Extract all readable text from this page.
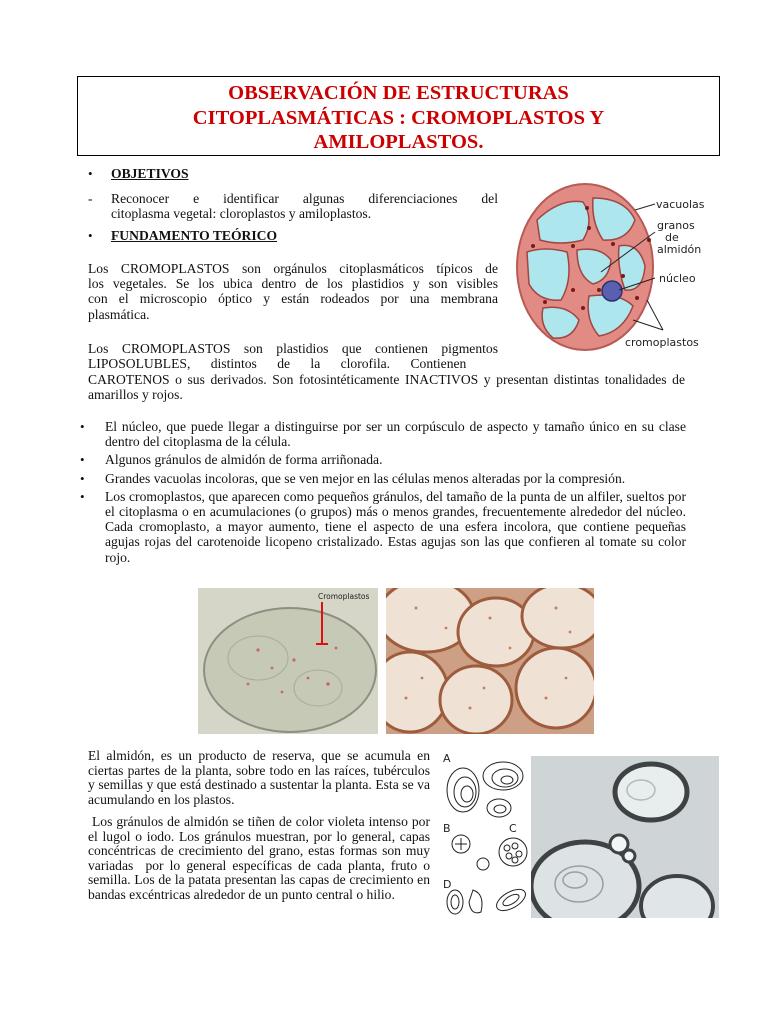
OBSERVACIÓN DE ESTRUCTURAS
CITOPLASMÁTICAS : CROMOPLASTOS Y
AMILOPLASTOS.
• OBJETIVOS
- Reconocer e identificar algunas diferenciaciones del
citoplasma vegetal: cloroplastos y amiloplastos.
• FUNDAMENTO TEÓRICO
Los CROMOPLASTOS son orgánulos citoplasmáticos típicos de
los vegetales. Se los ubica dentro de los plastidios y son visibles
con el microscopio óptico y están rodeados por una membrana
plasmática.
Los CROMOPLASTOS son plastidios que contienen pigmentos
LIPOSOLUBLES,      distintos      de      la      clorofila.      Contienen
CAROTENOS o sus derivados. Son fotosintéticamente INACTIVOS y presentan distintas tonalidades de amarillos y rojos.
vacuolas
granos
de
almidón
núcleo
cromoplastos
• El núcleo, que puede llegar a distinguirse por ser un corpúsculo de aspecto y tamaño único en su clase dentro del citoplasma de la célula.
• Algunos gránulos de almidón de forma arriñonada.
• Grandes vacuolas incoloras, que se ven mejor en las células menos alteradas por la compresión.
• Los cromoplastos, que aparecen como pequeños gránulos, del tamaño de la punta de un alfiler, sueltos por el citoplasma o en acumulaciones (o grupos) más o menos grandes, frecuentemente alrededor del núcleo. Cada cromoplasto, a mayor aumento, tiene el aspecto de una esfera incolora, que contiene pequeñas agujas rojas del carotenoide licopeno cristalizado. Estas agujas son las que confieren al tomate su color rojo.
Cromoplastos
El almidón, es un producto de reserva, que se acumula en ciertas partes de la planta, sobre todo en las raíces, tubérculos y semillas y que está destinado a sustentar la planta. Esta se va acumulando en los plastos.
Los gránulos de almidón se tiñen de color violeta intenso por el lugol o iodo. Los gránulos muestran, por lo general, capas concéntricas de crecimiento del grano, estas formas son muy variadas  por lo general específicas de cada planta, fruto o semilla. Los de la patata presentan las capas de crecimiento en bandas excéntricas alrededor de un punto central o hilio.
A
B	C
D
